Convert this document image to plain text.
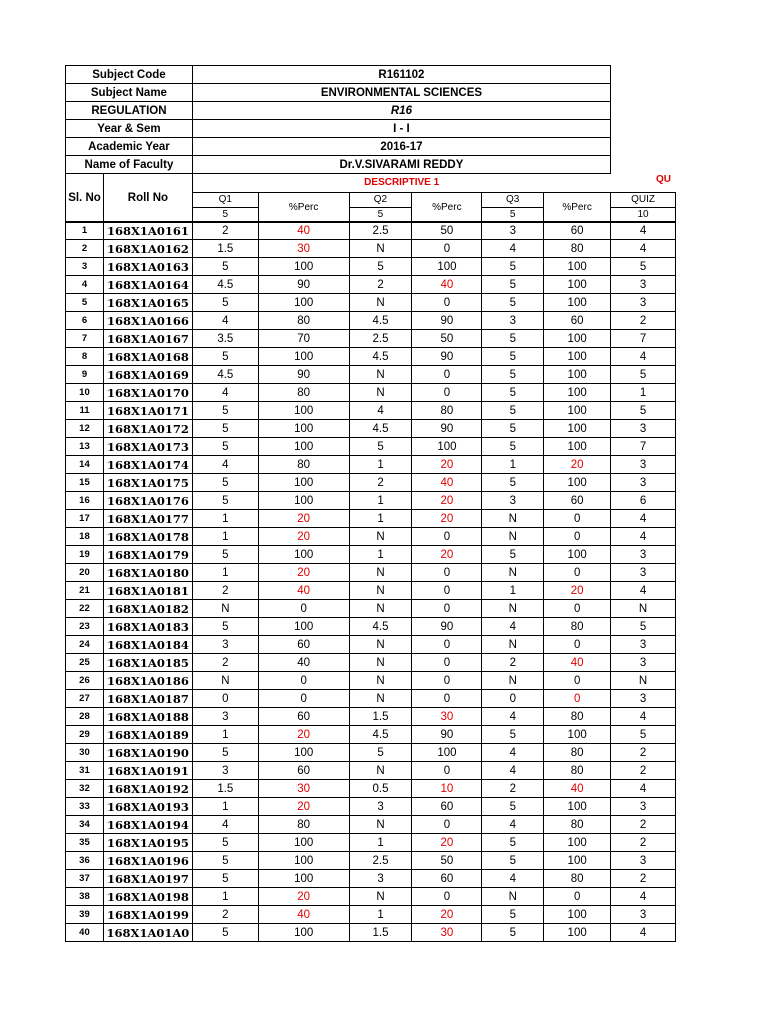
Subject Code	R161102
Subject Name	ENVIRONMENTAL SCIENCES
REGULATION	R16
Year & Sem	I - I
Academic Year	2016-17
Name of Faculty	Dr.V.SIVARAMI REDDY
QU
Sl. No	Roll No	DESCRIPTIVE 1						
		Q1	%Perc	Q2	%Perc	Q3	%Perc	QUIZ
		5		5		5		10
1	168X1A0161	2	40	2.5	50	3	60	4
2	168X1A0162	1.5	30	N	0	4	80	4
3	168X1A0163	5	100	5	100	5	100	5
4	168X1A0164	4.5	90	2	40	5	100	3
5	168X1A0165	5	100	N	0	5	100	3
6	168X1A0166	4	80	4.5	90	3	60	2
7	168X1A0167	3.5	70	2.5	50	5	100	7
8	168X1A0168	5	100	4.5	90	5	100	4
9	168X1A0169	4.5	90	N	0	5	100	5
10	168X1A0170	4	80	N	0	5	100	1
11	168X1A0171	5	100	4	80	5	100	5
12	168X1A0172	5	100	4.5	90	5	100	3
13	168X1A0173	5	100	5	100	5	100	7
14	168X1A0174	4	80	1	20	1	20	3
15	168X1A0175	5	100	2	40	5	100	3
16	168X1A0176	5	100	1	20	3	60	6
17	168X1A0177	1	20	1	20	N	0	4
18	168X1A0178	1	20	N	0	N	0	4
19	168X1A0179	5	100	1	20	5	100	3
20	168X1A0180	1	20	N	0	N	0	3
21	168X1A0181	2	40	N	0	1	20	4
22	168X1A0182	N	0	N	0	N	0	N
23	168X1A0183	5	100	4.5	90	4	80	5
24	168X1A0184	3	60	N	0	N	0	3
25	168X1A0185	2	40	N	0	2	40	3
26	168X1A0186	N	0	N	0	N	0	N
27	168X1A0187	0	0	N	0	0	0	3
28	168X1A0188	3	60	1.5	30	4	80	4
29	168X1A0189	1	20	4.5	90	5	100	5
30	168X1A0190	5	100	5	100	4	80	2
31	168X1A0191	3	60	N	0	4	80	2
32	168X1A0192	1.5	30	0.5	10	2	40	4
33	168X1A0193	1	20	3	60	5	100	3
34	168X1A0194	4	80	N	0	4	80	2
35	168X1A0195	5	100	1	20	5	100	2
36	168X1A0196	5	100	2.5	50	5	100	3
37	168X1A0197	5	100	3	60	4	80	2
38	168X1A0198	1	20	N	0	N	0	4
39	168X1A0199	2	40	1	20	5	100	3
40	168X1A01A0	5	100	1.5	30	5	100	4
